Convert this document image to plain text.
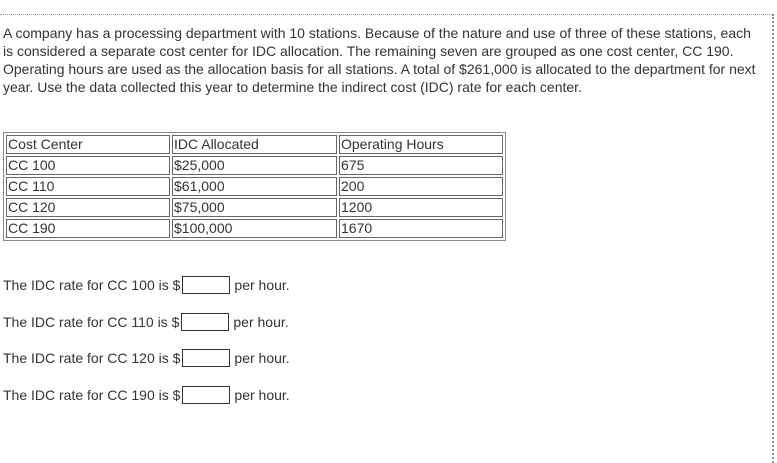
A company has a processing department with 10 stations. Because of the nature and use of three of these stations, each is considered a separate cost center for IDC allocation. The remaining seven are grouped as one cost center, CC 190. Operating hours are used as the allocation basis for all stations. A total of $261,000 is allocated to the department for next year. Use the data collected this year to determine the indirect cost (IDC) rate for each center.

Cost Center	IDC Allocated	Operating Hours
CC 100	$25,000	675
CC 110	$61,000	200
CC 120	$75,000	1200
CC 190	$100,000	1670
The IDC rate for CC 100 is $	per hour.
The IDC rate for CC 110 is $	per hour.
The IDC rate for CC 120 is $	per hour.
The IDC rate for CC 190 is $	per hour.
